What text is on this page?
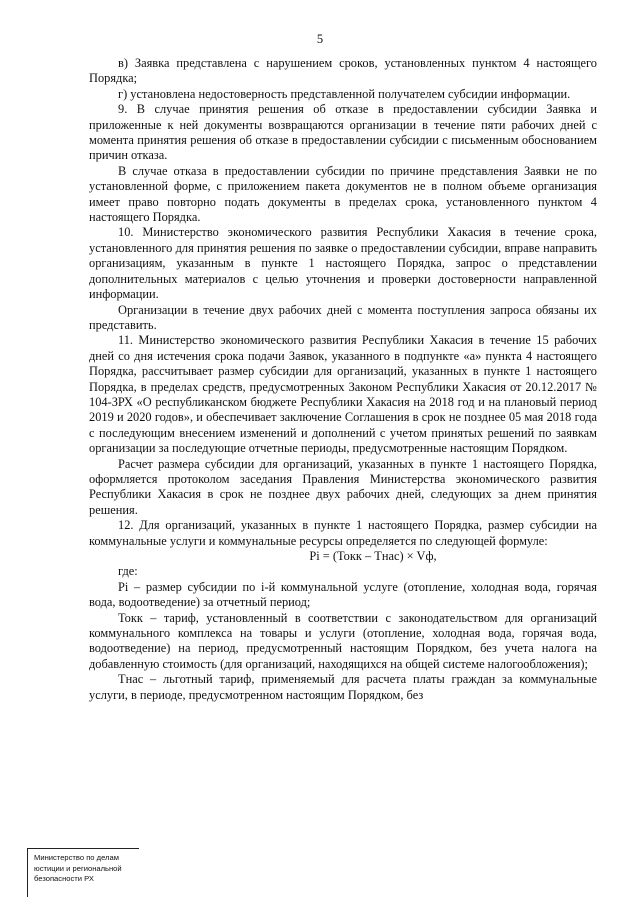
5

в) Заявка представлена с нарушением сроков, установленных пунктом 4 настоящего Порядка;

г) установлена недостоверность представленной получателем субсидии информации.

9. В случае принятия решения об отказе в предоставлении субсидии Заявка и приложенные к ней документы возвращаются организации в течение пяти рабочих дней с момента принятия решения об отказе в предоставлении субсидии с письменным обоснованием причин отказа.

В случае отказа в предоставлении субсидии по причине представления Заявки не по установленной форме, с приложением пакета документов не в полном объеме организация имеет право повторно подать документы в пределах срока, установленного пунктом 4 настоящего Порядка.

10. Министерство экономического развития Республики Хакасия в течение срока, установленного для принятия решения по заявке о предоставлении субсидии, вправе направить организациям, указанным в пункте 1 настоящего Порядка, запрос о представлении дополнительных материалов с целью уточнения и проверки достоверности направленной информации.

Организации в течение двух рабочих дней с момента поступления запроса обязаны их представить.

11. Министерство экономического развития Республики Хакасия в течение 15 рабочих дней со дня истечения срока подачи Заявок, указанного в подпункте «а» пункта 4 настоящего Порядка, рассчитывает размер субсидии для организаций, указанных в пункте 1 настоящего Порядка, в пределах средств, предусмотренных Законом Республики Хакасия от 20.12.2017 № 104-ЗРХ «О республиканском бюджете Республики Хакасия на 2018 год и на плановый период 2019 и 2020 годов», и обеспечивает заключение Соглашения в срок не позднее 05 мая 2018 года с последующим внесением изменений и дополнений с учетом принятых решений по заявкам организации за последующие отчетные периоды, предусмотренные настоящим Порядком.

Расчет размера субсидии для организаций, указанных в пункте 1 настоящего Порядка, оформляется протоколом заседания Правления Министерства экономического развития Республики Хакасия в срок не позднее двух рабочих дней, следующих за днем принятия решения.

12. Для организаций, указанных в пункте 1 настоящего Порядка, размер субсидии на коммунальные услуги и коммунальные ресурсы определяется по следующей формуле:

Pi = (Токк – Тнас) × Vф,

где:

Pi – размер субсидии по i-й коммунальной услуге (отопление, холодная вода, горячая вода, водоотведение) за отчетный период;

Токк – тариф, установленный в соответствии с законодательством для организаций коммунального комплекса на товары и услуги (отопление, холодная вода, горячая вода, водоотведение) на период, предусмотренный настоящим Порядком, без учета налога на добавленную стоимость (для организаций, находящихся на общей системе налогообложения);

Тнас – льготный тариф, применяемый для расчета платы граждан за коммунальные услуги, в периоде, предусмотренном настоящим Порядком, без

Министерство по делам
юстиции и региональной
безопасности РХ
